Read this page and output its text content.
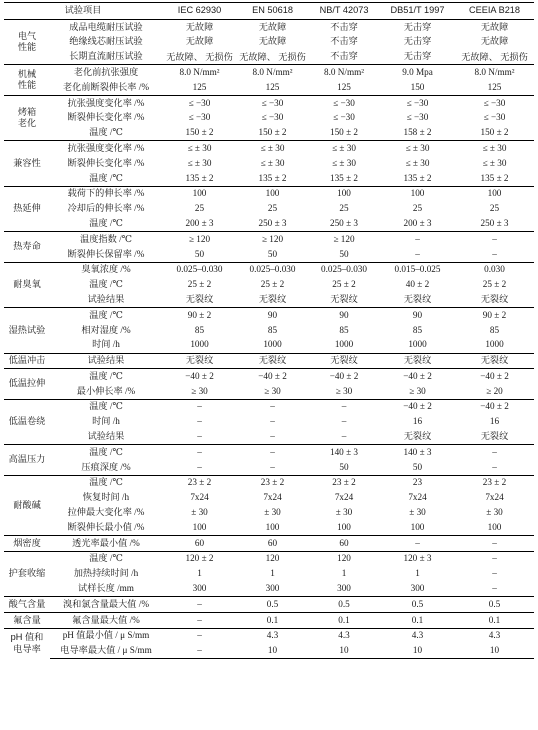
试验项目		IEC 62930	EN 50618	NB/T 42073	DB51/T 1997	CEEIA B218
电气
性能	成品电缆耐压试验	无故障	无故障	不击穿	无击穿	无故障
	绝缘线芯耐压试验	无故障	无故障	不击穿	无击穿	无故障
	长期直流耐压试验	无故障、 无损伤	无故障、 无损伤	不击穿	无击穿	无故障、 无损伤
机械
性能	老化前抗张强度	8.0 N/mm²	8.0 N/mm²	8.0 N/mm²	9.0 Mpa	8.0 N/mm²
	老化前断裂伸长率 /%	125	125	125	150	125
烤箱
老化	抗张强度变化率 /%	≤ −30	≤ −30	≤ −30	≤ −30	≤ −30
	断裂伸长变化率 /%	≤ −30	≤ −30	≤ −30	≤ −30	≤ −30
	温度 /℃	150 ± 2	150 ± 2	150 ± 2	158 ± 2	150 ± 2
兼容性	抗张强度变化率 /%	≤ ± 30	≤ ± 30	≤ ± 30	≤ ± 30	≤ ± 30
	断裂伸长变化率 /%	≤ ± 30	≤ ± 30	≤ ± 30	≤ ± 30	≤ ± 30
	温度 /℃	135 ± 2	135 ± 2	135 ± 2	135 ± 2	135 ± 2
热延伸	载荷下的伸长率 /%	100	100	100	100	100
	冷却后的伸长率 /%	25	25	25	25	25
	温度 /℃	200 ± 3	250 ± 3	250 ± 3	200 ± 3	250 ± 3
热寿命	温度指数 /℃	≥ 120	≥ 120	≥ 120	–	–
	断裂伸长保留率 /%	50	50	50	–	–
耐臭氧	臭氧浓度 /%	0.025–0.030	0.025–0.030	0.025–0.030	0.015–0.025	0.030
	温度 /℃	25 ± 2	25 ± 2	25 ± 2	40 ± 2	25 ± 2
	试验结果	无裂纹	无裂纹	无裂纹	无裂纹	无裂纹
湿热试验	温度 /℃	90 ± 2	90	90	90	90 ± 2
	相对湿度 /%	85	85	85	85	85
	时间 /h	1000	1000	1000	1000	1000
低温冲击	试验结果	无裂纹	无裂纹	无裂纹	无裂纹	无裂纹
低温拉伸	温度 /℃	−40 ± 2	−40 ± 2	−40 ± 2	−40 ± 2	−40 ± 2
	最小伸长率 /%	≥ 30	≥ 30	≥ 30	≥ 30	≥ 20
低温卷绕	温度 /℃	–	–	–	−40 ± 2	−40 ± 2
	时间 /h	–	–	–	16	16
	试验结果	–	–	–	无裂纹	无裂纹
高温压力	温度 /℃	–	–	140 ± 3	140 ± 3	–
	压痕深度 /%	–	–	50	50	–
耐酸碱	温度 /℃	23 ± 2	23 ± 2	23 ± 2	23	23 ± 2
	恢复时间 /h	7x24	7x24	7x24	7x24	7x24
	拉伸最大变化率 /%	± 30	± 30	± 30	± 30	± 30
	断裂伸长最小值 /%	100	100	100	100	100
烟密度	透光率最小值 /%	60	60	60	–	–
护套收缩	温度 /℃	120 ± 2	120	120	120 ± 3	–
	加热持续时间 /h	1	1	1	1	–
	试样长度 /mm	300	300	300	300	–
酸气含量	溴和氯含量最大值 /%	–	0.5	0.5	0.5	0.5
氟含量	氟含量最大值 /%	–	0.1	0.1	0.1	0.1
pH 值和
电导率	pH 值最小值 / μ S/mm	–	4.3	4.3	4.3	4.3
	电导率最大值 / μ S/mm	–	10	10	10	10
